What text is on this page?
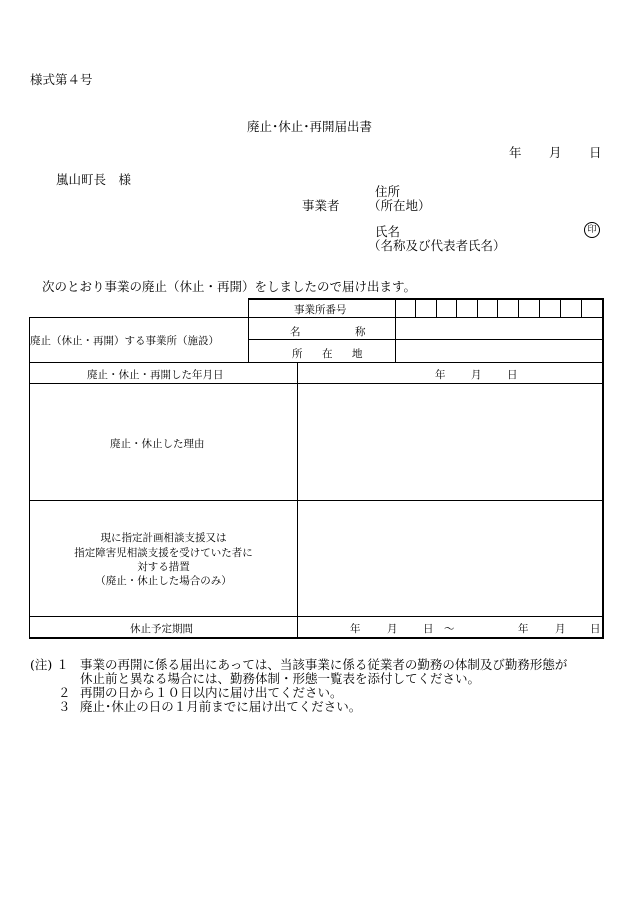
様式第４号
廃止･休止･再開届出書
年 月 日
嵐山町長　様
事業者
住所
（所在地）
氏名
（名称及び代表者氏名）
印
次のとおり事業の廃止（休止・再開）をしましたので届け出ます。
事業所番号
廃止（休止・再開）する事業所（施設）
名	称
所 在 地
廃止・休止・再開した年月日	年 月 日
廃止・休止した理由
現に指定計画相談支援又は
指定障害児相談支援を受けていた者に
対する措置
（廃止・休止した場合のみ）
休止予定期間	年	月 日 ～	年	月 日
(注) １ 事業の再開に係る届出にあっては、当該事業に係る従業者の勤務の体制及び勤務形態が
休止前と異なる場合には、勤務体制・形態一覧表を添付してください。
２ 再開の日から１０日以内に届け出てください。
３ 廃止･休止の日の１月前までに届け出てください。
